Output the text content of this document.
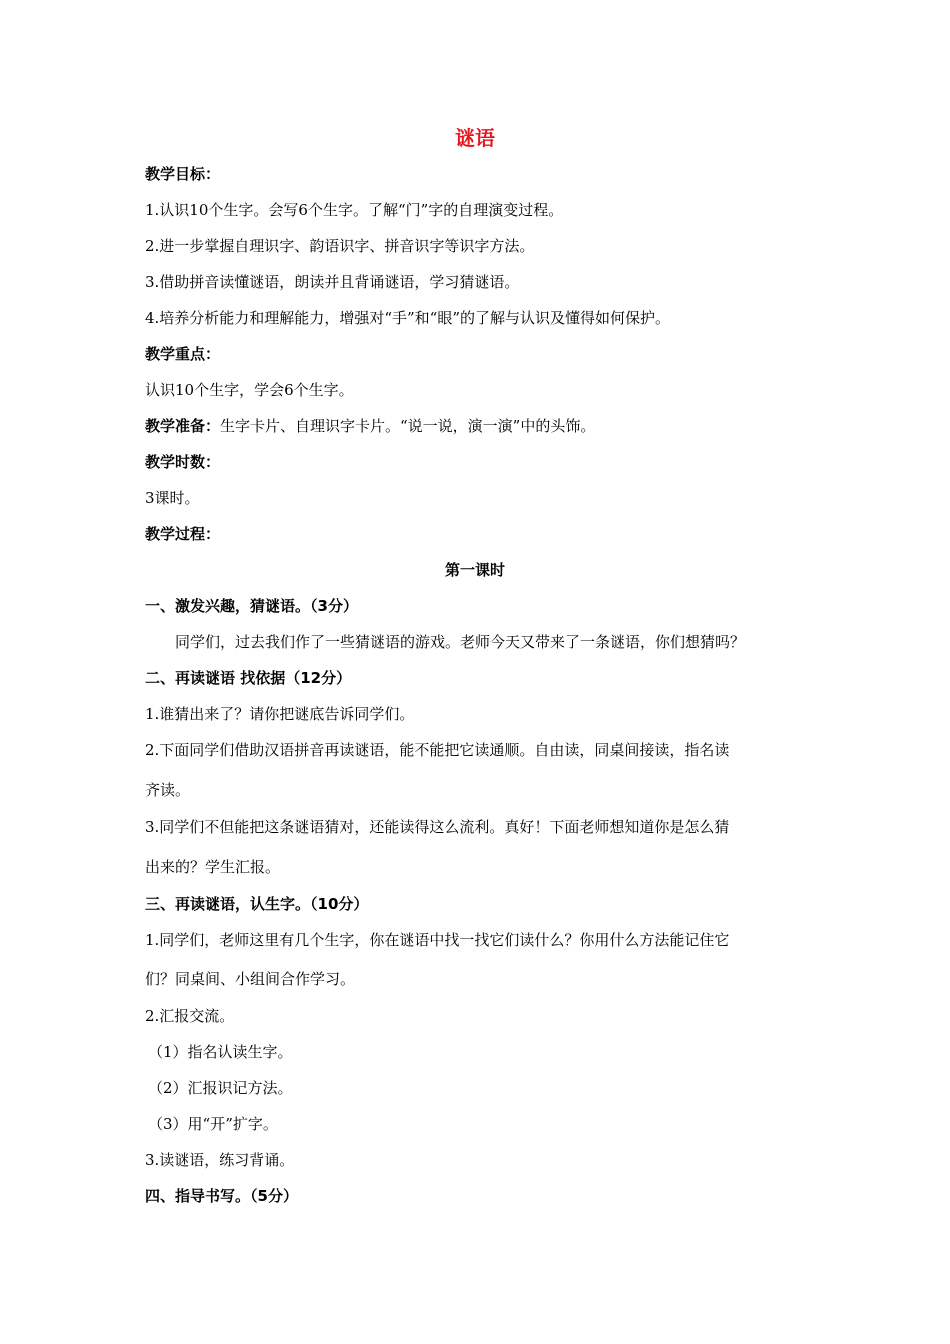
谜语
教学目标：
1.认识10个生字。会写6个生字。了解“门”字的自理演变过程。
2.进一步掌握自理识字、韵语识字、拼音识字等识字方法。
3.借助拼音读懂谜语，朗读并且背诵谜语，学习猜谜语。
4.培养分析能力和理解能力，增强对“手”和“眼”的了解与认识及懂得如何保护。
教学重点：
认识10个生字，学会6个生字。
教学准备：生字卡片、自理识字卡片。“说一说，演一演”中的头饰。
教学时数：
3课时。
教学过程：
第一课时
一、激发兴趣，猜谜语。（3分）
同学们，过去我们作了一些猜谜语的游戏。老师今天又带来了一条谜语，你们想猜吗？
二、再读谜语 找依据（12分）
1.谁猜出来了？请你把谜底告诉同学们。
2.下面同学们借助汉语拼音再读谜语，能不能把它读通顺。自由读，同桌间接读，指名读
齐读。
3.同学们不但能把这条谜语猜对，还能读得这么流利。真好！下面老师想知道你是怎么猜
出来的？学生汇报。
三、再读谜语，认生字。（10分）
1.同学们，老师这里有几个生字，你在谜语中找一找它们读什么？你用什么方法能记住它
们？同桌间、小组间合作学习。
2.汇报交流。
（1）指名认读生字。
（2）汇报识记方法。
（3）用“开”扩字。
3.读谜语，练习背诵。
四、指导书写。（5分）
